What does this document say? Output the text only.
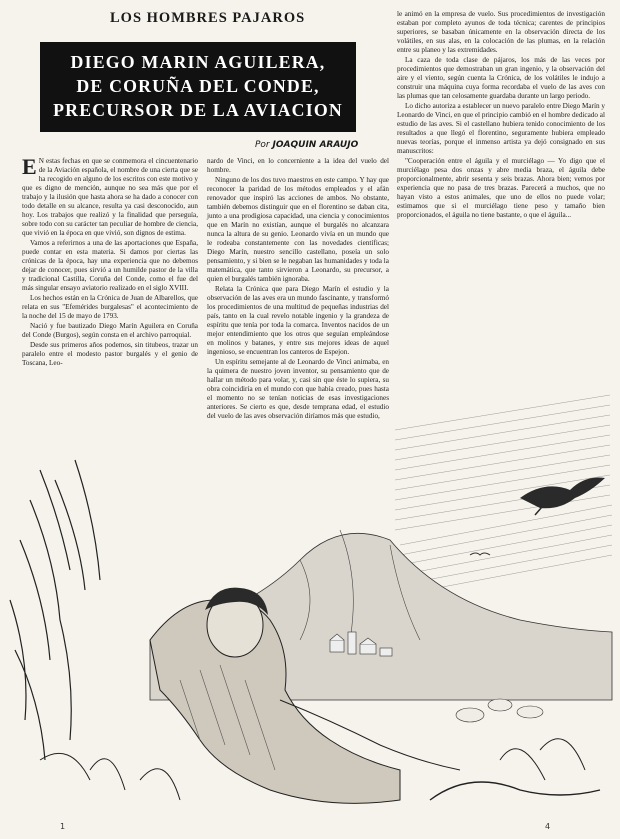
LOS HOMBRES PAJAROS
DIEGO MARIN AGUILERA,
DE CORUÑA DEL CONDE,
PRECURSOR DE LA AVIACION
Por JOAQUIN ARAUJO

E N estas fechas en que se conmemora el cincuentenario de la Aviación española, el nombre de una cierta que se ha recogido en alguno de los escritos con este motivo y que es digno de mención, aunque no sea más que por el trabajo y la ilusión que hasta ahora se ha dado a conocer con todo detalle en su alcance, resulta ya casi desconocido, aun hoy. Los trabajos que realizó y la finalidad que perseguía, sobre todo con su carácter tan peculiar de hombre de ciencia, que vivió en la época en que vivió, son dignos de estima.

Vamos a referirnos a una de las aportaciones que España, puede contar en esta materia. Si damos por ciertas las crónicas de la época, hay una experiencia que no debemos dejar de conocer, pues sirvió a un humilde pastor de la villa y tradicional Castilla, Coruña del Conde, como el fue del más singular ensayo aviatorio realizado en el siglo XVIII.

Los hechos están en la Crónica de Juan de Albarellos, que relata en sus "Efemérides burgalesas" el acontecimiento de la noche del 15 de mayo de 1793.

Nació y fue bautizado Diego Marín Aguilera en Coruña del Conde (Burgos), según consta en el archivo parroquial.

Desde sus primeros años podemos, sin titubeos, trazar un paralelo entre el modesto pastor burgalés y el genio de Toscana, Leo-

nardo de Vinci, en lo concerniente a la idea del vuelo del hombre.

Ninguno de los dos tuvo maestros en este campo. Y hay que reconocer la paridad de los métodos empleados y el afán renovador que inspiró las acciones de ambos. No obstante, también debemos distinguir que en el florentino se daban cita, junto a una prodigiosa capacidad, una ciencia y conocimientos que en Marín no existían, aunque el burgalés no alcanzara nunca la altura de su genio. Leonardo vivía en un mundo que le rodeaba constantemente con las novedades científicas; Diego Marín, nuestro sencillo castellano, poseía un solo pensamiento, y si bien se le negaban las humanidades y toda la matemática, que tanto sirvieron a Leonardo, su precursor, a quien el burgalés también ignoraba.

Relata la Crónica que para Diego Marín el estudio y la observación de las aves era un mundo fascinante, y transformó los procedimientos de una multitud de pequeñas industrias del país, tanto en la cual revelo notable ingenio y la grandeza de espíritu que tenía por toda la comarca. Inventos nacidos de un mejor entendimiento que los otros que seguían empleándose en molinos y batanes, y entre sus mejores ideas de aquel ingenioso, se encuentran los canteros de Espejon.

Un espíritu semejante al de Leonardo de Vinci animaba, en la quimera de nuestro joven inventor, su pensamiento que de hallar un método para volar, y, casi sin que éste lo supiera, su obra coincidiría en el mundo con que había creado, pues hasta el momento no se tenían noticias de esas investigaciones anteriores. Se cierto es que, desde temprana edad, el estudio del vuelo de las aves observación diríamos más que estudio,

le animó en la empresa de vuelo. Sus procedimientos de investigación estaban por completo ayunos de toda técnica; carentes de principios superiores, se basaban únicamente en la observación directa de los volátiles, en sus alas, en la colocación de las plumas, en la relación entre su planeo y las extremidades.

La caza de toda clase de pájaros, los más de las veces por procedimientos que demostraban un gran ingenio, y la observación del aire y el viento, según cuenta la Crónica, de los volátiles le indujo a construir una máquina cuya forma recordaba el vuelo de las aves con las plumas que tan celosamente guardaba durante un largo periodo.

Lo dicho autoriza a establecer un nuevo paralelo entre Diego Marín y Leonardo de Vinci, en que el principio cambió en el hombre dedicado al estudio de las aves. Si el castellano hubiera tenido conocimiento de los resultados a que llegó el florentino, seguramente hubiera empleado nuevas teorías, porque el inmenso artista ya dejó consignado en sus manuscritos:

"Cooperación entre el águila y el murciélago — Yo digo que el murciélago pesa dos onzas y abre media braza, el águila debe proporcionalmente, abrir sesenta y seis brazas. Ahora bien; vemos por experiencia que no pasa de tres brazas. Parecerá a muchos, que no hayan visto a estos animales, que uno de ellos no puede volar; estimamos que si el murciélago tiene peso y tamaño bien proporcionados, el águila no tiene bastante, o que el águila...

1	4
